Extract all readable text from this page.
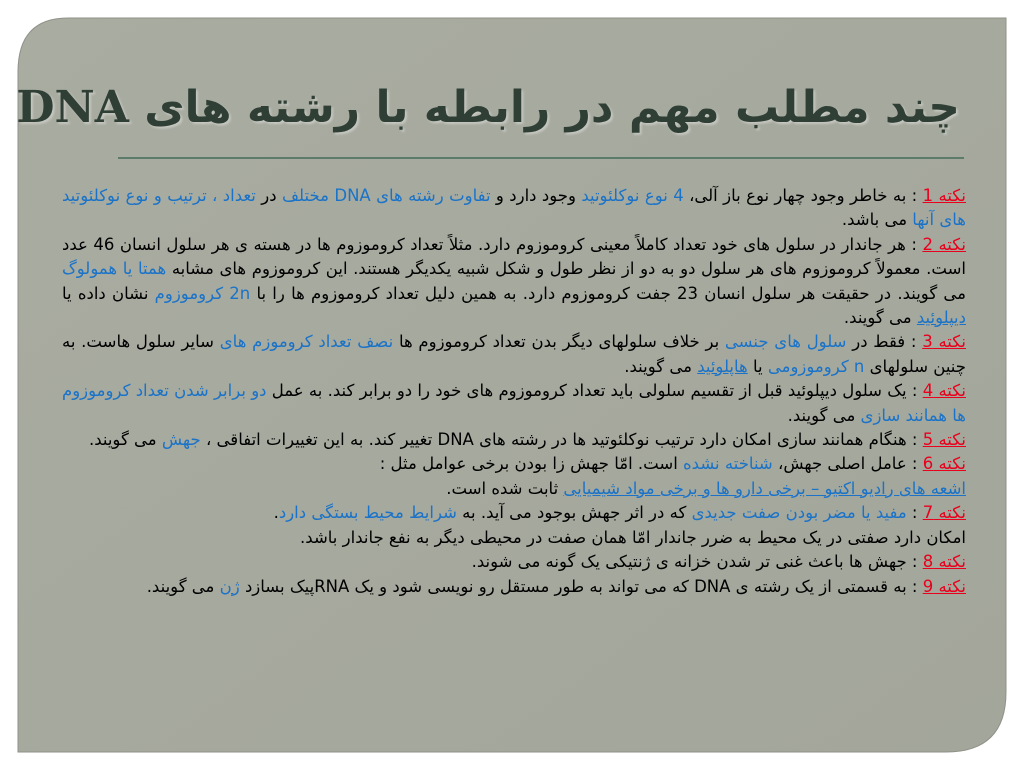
چند مطلب مهم در رابطه با رشته های DNA
نکته 1 : به خاطر وجود چهار نوع باز آلی، 4 نوع نوکلئوتید وجود دارد و تفاوت رشته های DNA مختلف در تعداد ، ترتیب و نوع نوکلئوتید های آنها می باشد.
نکته 2 : هر جاندار در سلول های خود تعداد کاملاً معینی کروموزوم دارد. مثلاً تعداد کروموزوم ها در هسته ی هر سلول انسان 46 عدد است. معمولاً کروموزوم های هر سلول دو به دو از نظر طول و شکل شبیه یکدیگر هستند. این کروموزوم های مشابه همتا یا همولوگ می گویند. در حقیقت هر سلول انسان 23 جفت کروموزوم دارد. به همین دلیل تعداد کروموزوم ها را با 2n کروموزوم نشان داده یا دیپلوئید می گویند.
نکته 3 : فقط در سلول های جنسی بر خلاف سلولهای دیگر بدن تعداد کروموزوم ها نصف تعداد کروموزم های سایر سلول هاست. به چنین سلولهای n کروموزومی یا هاپلوئید می گویند.
نکته 4 : یک سلول دیپلوئید قبل از تقسیم سلولی باید تعداد کروموزوم های خود را دو برابر کند. به عمل دو برابر شدن تعداد کروموزوم ها همانند سازی می گویند.
نکته 5 : هنگام همانند سازی امکان دارد ترتیب نوکلئوتید ها در رشته های DNA تغییر کند. به این تغییرات اتفاقی ، جهش می گویند.
نکته 6 : عامل اصلی جهش، شناخته نشده است. امّا جهش زا بودن برخی عوامل مثل :
اشعه های رادیو اکتیو – برخی دارو ها و برخی مواد شیمیایی ثابت شده است.
نکته 7 : مفید یا مضر بودن صفت جدیدی که در اثر جهش بوجود می آید. به شرایط محیط بستگی دارد.
امکان دارد صفتی در یک محیط به ضرر جاندار امّا همان صفت در محیطی دیگر به نفع جاندار باشد.
نکته 8 : جهش ها باعث غنی تر شدن خزانه ی ژنتیکی یک گونه می شوند.
نکته 9 : به قسمتی از یک رشته ی DNA که می تواند به طور مستقل رو نویسی شود و یک RNAپیک بسازد ژن می گویند.
